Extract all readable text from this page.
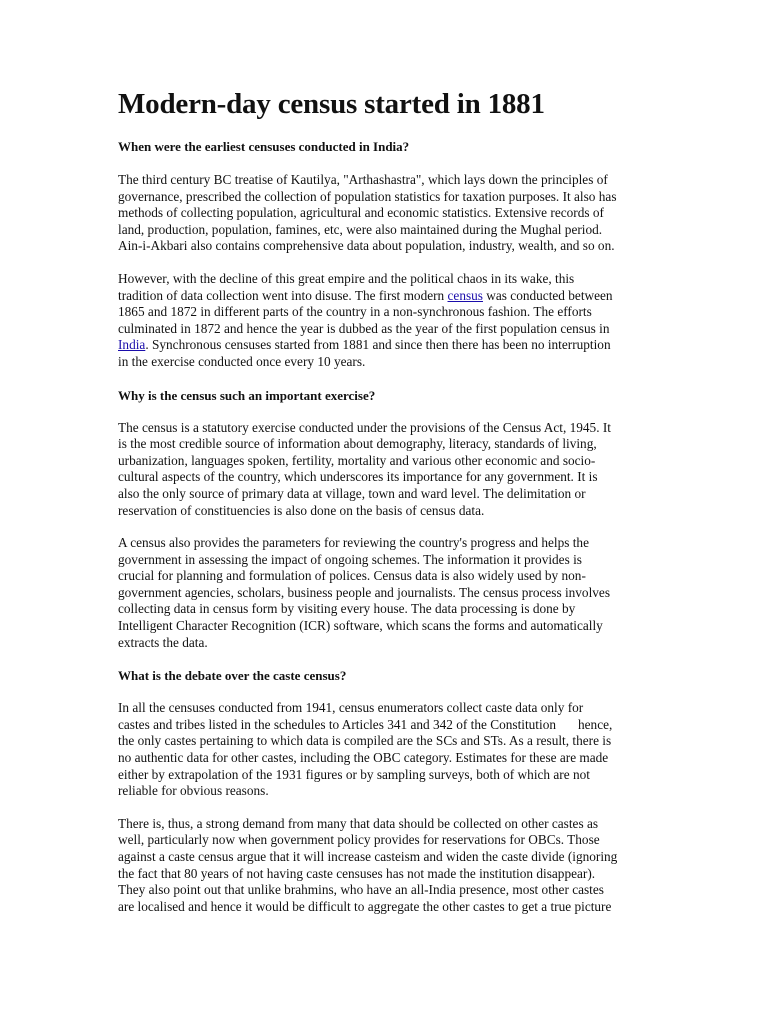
Modern-day census started in 1881
When were the earliest censuses conducted in India?

The third century BC treatise of Kautilya, "Arthashastra", which lays down the principles of
governance, prescribed the collection of population statistics for taxation purposes. It also has
methods of collecting population, agricultural and economic statistics. Extensive records of
land, production, population, famines, etc, were also maintained during the Mughal period.
Ain-i-Akbari also contains comprehensive data about population, industry, wealth, and so on.

However, with the decline of this great empire and the political chaos in its wake, this
tradition of data collection went into disuse. The first modern census was conducted between
1865 and 1872 in different parts of the country in a non-synchronous fashion. The efforts
culminated in 1872 and hence the year is dubbed as the year of the first population census in
India. Synchronous censuses started from 1881 and since then there has been no interruption
in the exercise conducted once every 10 years.

Why is the census such an important exercise?

The census is a statutory exercise conducted under the provisions of the Census Act, 1945. It
is the most credible source of information about demography, literacy, standards of living,
urbanization, languages spoken, fertility, mortality and various other economic and socio-
cultural aspects of the country, which underscores its importance for any government. It is
also the only source of primary data at village, town and ward level. The delimitation or
reservation of constituencies is also done on the basis of census data.

A census also provides the parameters for reviewing the country's progress and helps the
government in assessing the impact of ongoing schemes. The information it provides is
crucial for planning and formulation of polices. Census data is also widely used by non-
government agencies, scholars, business people and journalists. The census process involves
collecting data in census form by visiting every house. The data processing is done by
Intelligent Character Recognition (ICR) software, which scans the forms and automatically
extracts the data.

What is the debate over the caste census?

In all the censuses conducted from 1941, census enumerators collect caste data only for
castes and tribes listed in the schedules to Articles 341 and 342 of the Constitution hence,
the only castes pertaining to which data is compiled are the SCs and STs. As a result, there is
no authentic data for other castes, including the OBC category. Estimates for these are made
either by extrapolation of the 1931 figures or by sampling surveys, both of which are not
reliable for obvious reasons.

There is, thus, a strong demand from many that data should be collected on other castes as
well, particularly now when government policy provides for reservations for OBCs. Those
against a caste census argue that it will increase casteism and widen the caste divide (ignoring
the fact that 80 years of not having caste censuses has not made the institution disappear).
They also point out that unlike brahmins, who have an all-India presence, most other castes
are localised and hence it would be difficult to aggregate the other castes to get a true picture
